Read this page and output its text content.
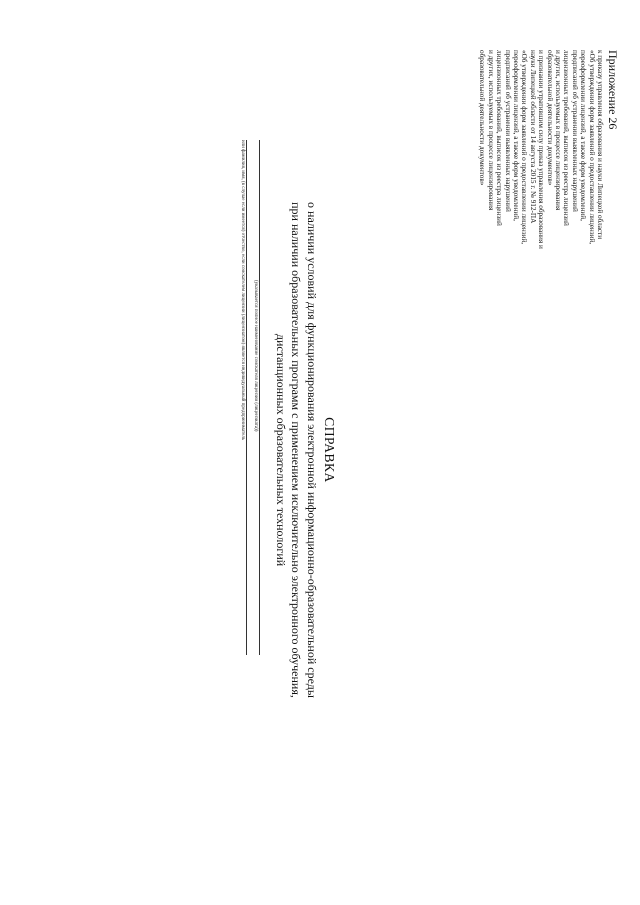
Приложение 26
к приказу управления образования и науки Липецкой области
«Об утверждении форм заявлений о предоставлении лицензий,
переоформлении лицензий, а также форм уведомлений,
предписаний об устранении выявленных нарушений
лицензионных требований, выписок из реестра лицензий
и других, используемых в процессе лицензирования
образовательной деятельности документов»
и признании утратившим силу приказ управления образования и
науки Липецкой области от 14 августа 2015 г. № 912-ПА
«Об утверждении форм заявлений о предоставлении лицензий,
переоформлении лицензий, а также форм уведомлений,
предписаний об устранении выявленных нарушений
лицензионных требований, выписок из реестра лицензий
и других, используемых в процессе лицензирования
образовательной деятельности документов»
СПРАВКА
о наличии условий для функционирования электронной информационно-образовательной среды
при наличии образовательных программ с применением исключительно электронного обучения,
дистанционных образовательных технологий
(указывается полное наименование соискателя лицензии (лицензиата))
или фамилия, имя, (в случае если имеется) отчество, если соискателем лицензии (лицензиатом) является индивидуальный предприниматель
